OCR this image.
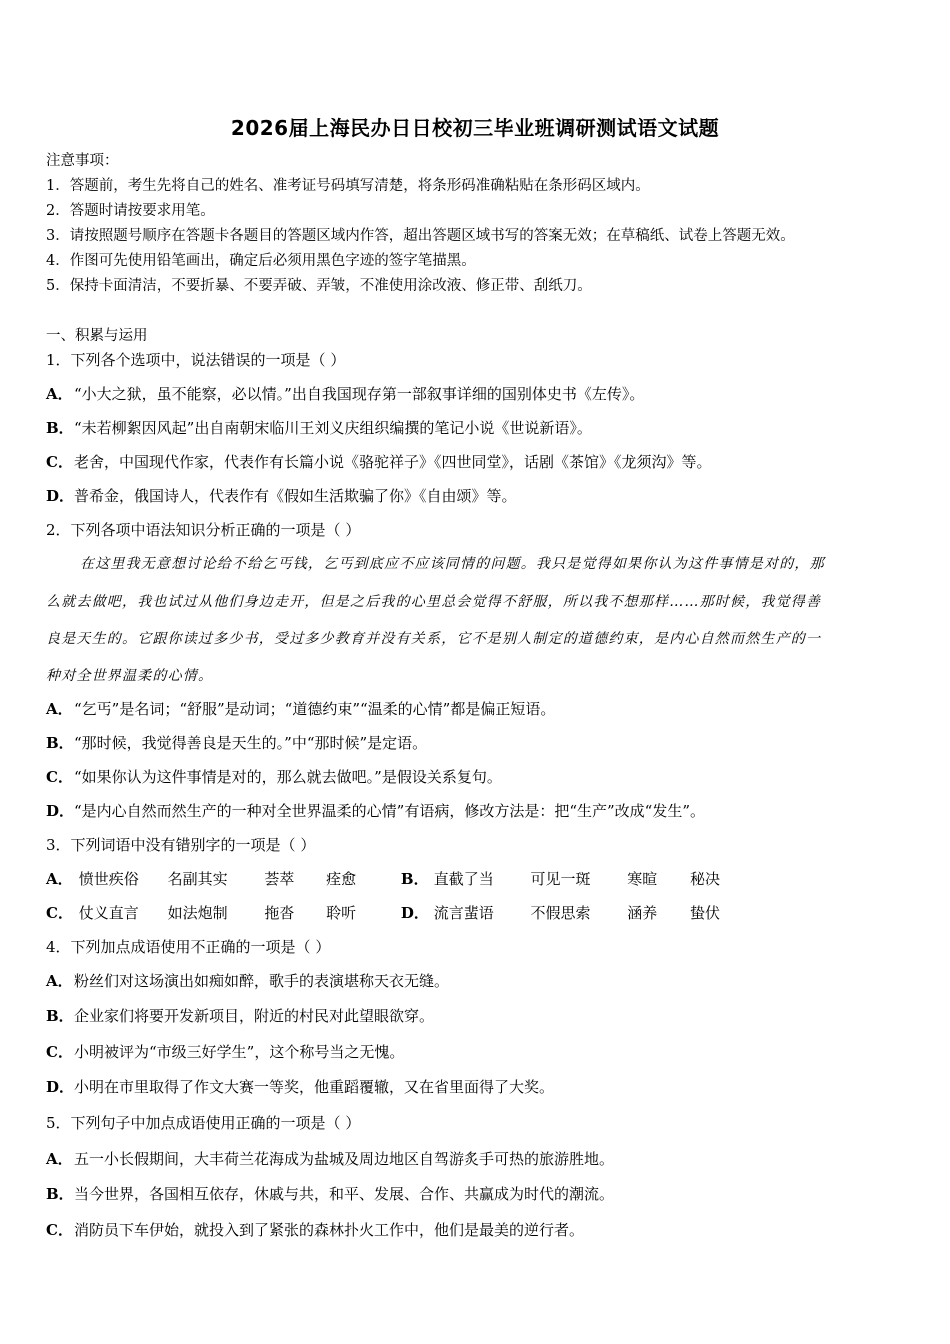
2026届上海民办日日校初三毕业班调研测试语文试题
注意事项：
1．答题前，考生先将自己的姓名、准考证号码填写清楚，将条形码准确粘贴在条形码区域内。
2．答题时请按要求用笔。
3．请按照题号顺序在答题卡各题目的答题区域内作答，超出答题区域书写的答案无效；在草稿纸、试卷上答题无效。
4．作图可先使用铅笔画出，确定后必须用黑色字迹的签字笔描黑。
5．保持卡面清洁，不要折暴、不要弄破、弄皱，不准使用涂改液、修正带、刮纸刀。
一、积累与运用
1．下列各个选项中，说法错误的一项是（ ）
A．“小大之狱，虽不能察，必以情。”出自我国现存第一部叙事详细的国别体史书《左传》。
B．“未若柳絮因风起”出自南朝宋临川王刘义庆组织编撰的笔记小说《世说新语》。
C．老舍，中国现代作家，代表作有长篇小说《骆驼祥子》《四世同堂》，话剧《茶馆》《龙须沟》等。
D．普希金，俄国诗人，代表作有《假如生活欺骗了你》《自由颂》等。
2．下列各项中语法知识分析正确的一项是（ ）
在这里我无意想讨论给不给乞丐钱，乞丐到底应不应该同情的问题。我只是觉得如果你认为这件事情是对的，那
么就去做吧，我也试过从他们身边走开，但是之后我的心里总会觉得不舒服，所以我不想那样……那时候，我觉得善
良是天生的。它跟你读过多少书，受过多少教育并没有关系，它不是别人制定的道德约束，是内心自然而然生产的一
种对全世界温柔的心情。
A．“乞丐”是名词；“舒服”是动词；“道德约束”“温柔的心情”都是偏正短语。
B．“那时候，我觉得善良是天生的。”中“那时候”是定语。
C．“如果你认为这件事情是对的，那么就去做吧。”是假设关系复句。
D．“是内心自然而然生产的一种对全世界温柔的心情”有语病，修改方法是：把“生产”改成“发生”。
3．下列词语中没有错别字的一项是（ ）
A． 愤世疾俗 名副其实 荟萃 痊愈	B． 直截了当 可见一斑 寒暄 秘决
C． 仗义直言 如法炮制 拖沓 聆听	D． 流言蜚语 不假思索 涵养 蛰伏
4．下列加点成语使用不正确的一项是（ ）
A．粉丝们对这场演出如痴如醉，歌手的表演堪称天衣无缝。
B．企业家们将要开发新项目，附近的村民对此望眼欲穿。
C．小明被评为“市级三好学生”，这个称号当之无愧。
D．小明在市里取得了作文大赛一等奖，他重蹈覆辙，又在省里面得了大奖。
5．下列句子中加点成语使用正确的一项是（ ）
A．五一小长假期间，大丰荷兰花海成为盐城及周边地区自驾游炙手可热的旅游胜地。
B．当今世界，各国相互依存，休戚与共，和平、发展、合作、共赢成为时代的潮流。
C．消防员下车伊始，就投入到了紧张的森林扑火工作中，他们是最美的逆行者。
